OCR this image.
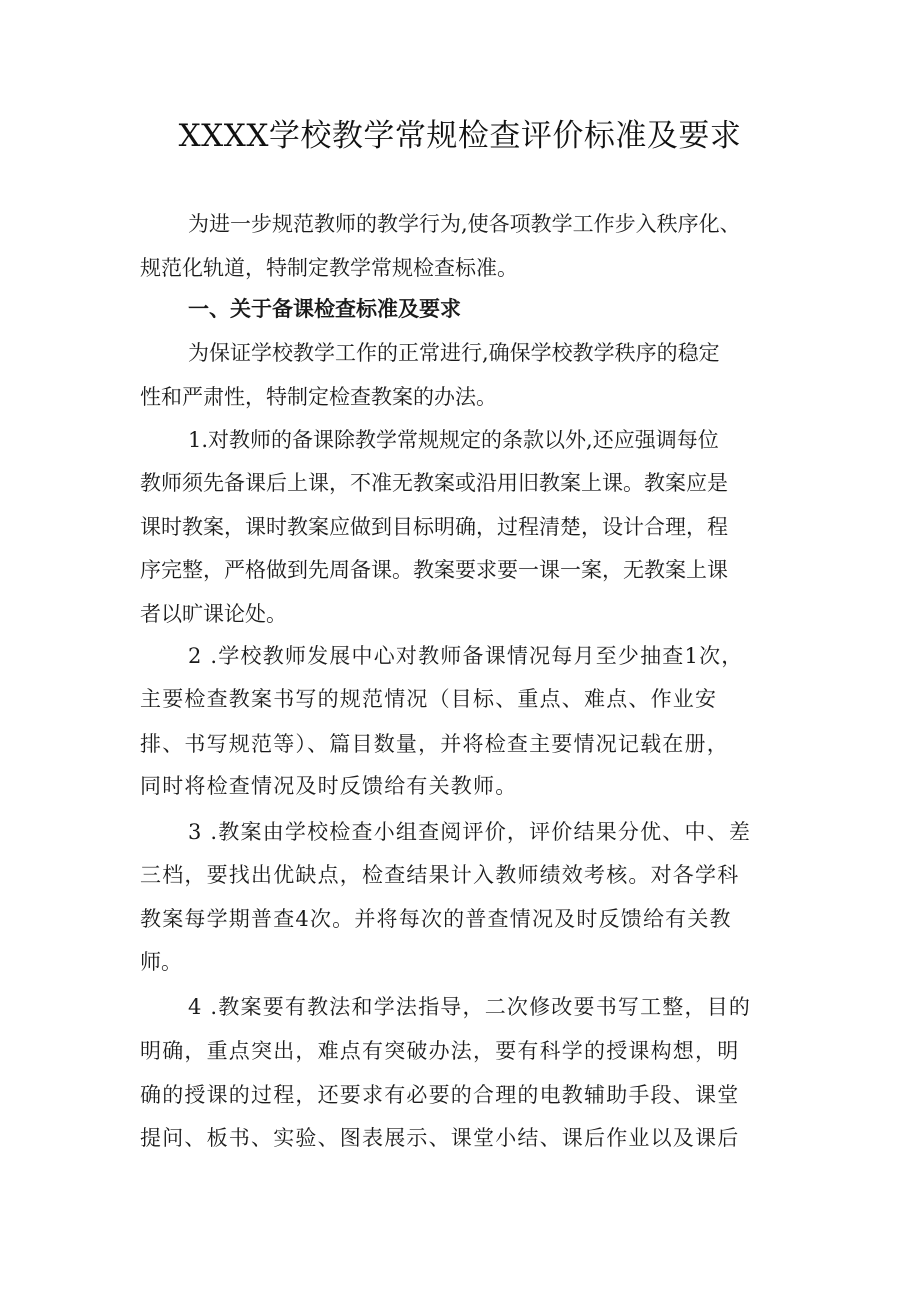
XXXX学校教学常规检查评价标准及要求
为进一步规范教师的教学行为,使各项教学工作步入秩序化、
规范化轨道，特制定教学常规检查标准。
一、关于备课检查标准及要求
为保证学校教学工作的正常进行,确保学校教学秩序的稳定
性和严肃性，特制定检查教案的办法。
1.对教师的备课除教学常规规定的条款以外,还应强调每位
教师须先备课后上课，不准无教案或沿用旧教案上课。教案应是
课时教案，课时教案应做到目标明确，过程清楚，设计合理，程
序完整，严格做到先周备课。教案要求要一课一案，无教案上课
者以旷课论处。
2 .学校教师发展中心对教师备课情况每月至少抽查1次，
主要检查教案书写的规范情况（目标、重点、难点、作业安
排、书写规范等）、篇目数量，并将检查主要情况记载在册，
同时将检查情况及时反馈给有关教师。
3 .教案由学校检查小组查阅评价，评价结果分优、中、差
三档，要找出优缺点，检查结果计入教师绩效考核。对各学科
教案每学期普查4次。并将每次的普查情况及时反馈给有关教
师。
4 .教案要有教法和学法指导，二次修改要书写工整，目的
明确，重点突出，难点有突破办法，要有科学的授课构想，明
确的授课的过程，还要求有必要的合理的电教辅助手段、课堂
提问、板书、实验、图表展示、课堂小结、课后作业以及课后
